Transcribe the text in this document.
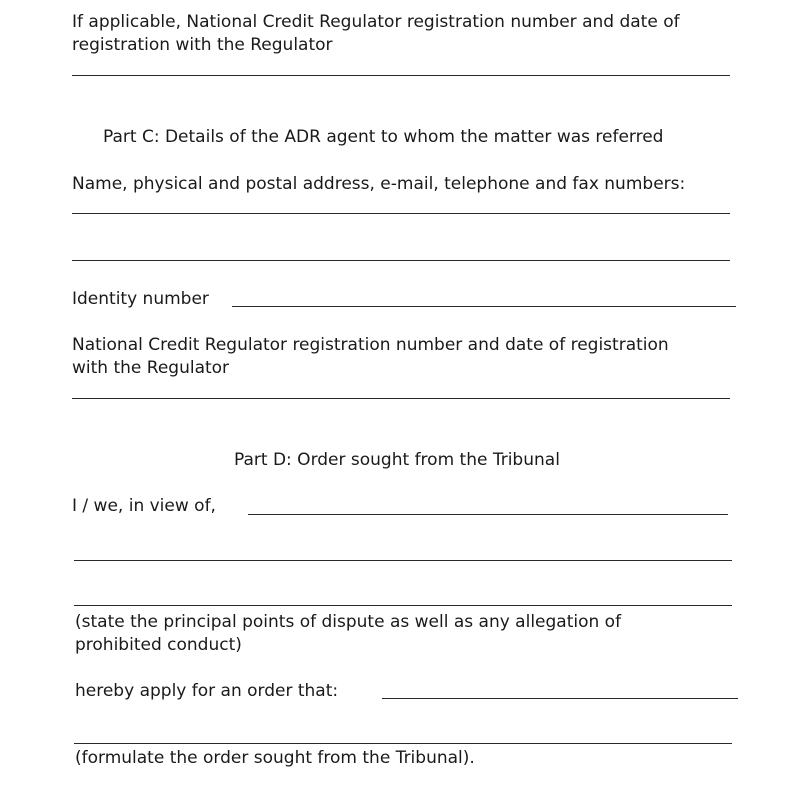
If applicable, National Credit Regulator registration number and date of

registration with the Regulator

Part C: Details of the ADR agent to whom the matter was referred

Name, physical and postal address, e-mail, telephone and fax numbers:

Identity number

National Credit Regulator registration number and date of registration

with the Regulator

Part D: Order sought from the Tribunal

I / we, in view of,

(state the principal points of dispute as well as any allegation of

prohibited conduct)

hereby apply for an order that:

(formulate the order sought from the Tribunal).
